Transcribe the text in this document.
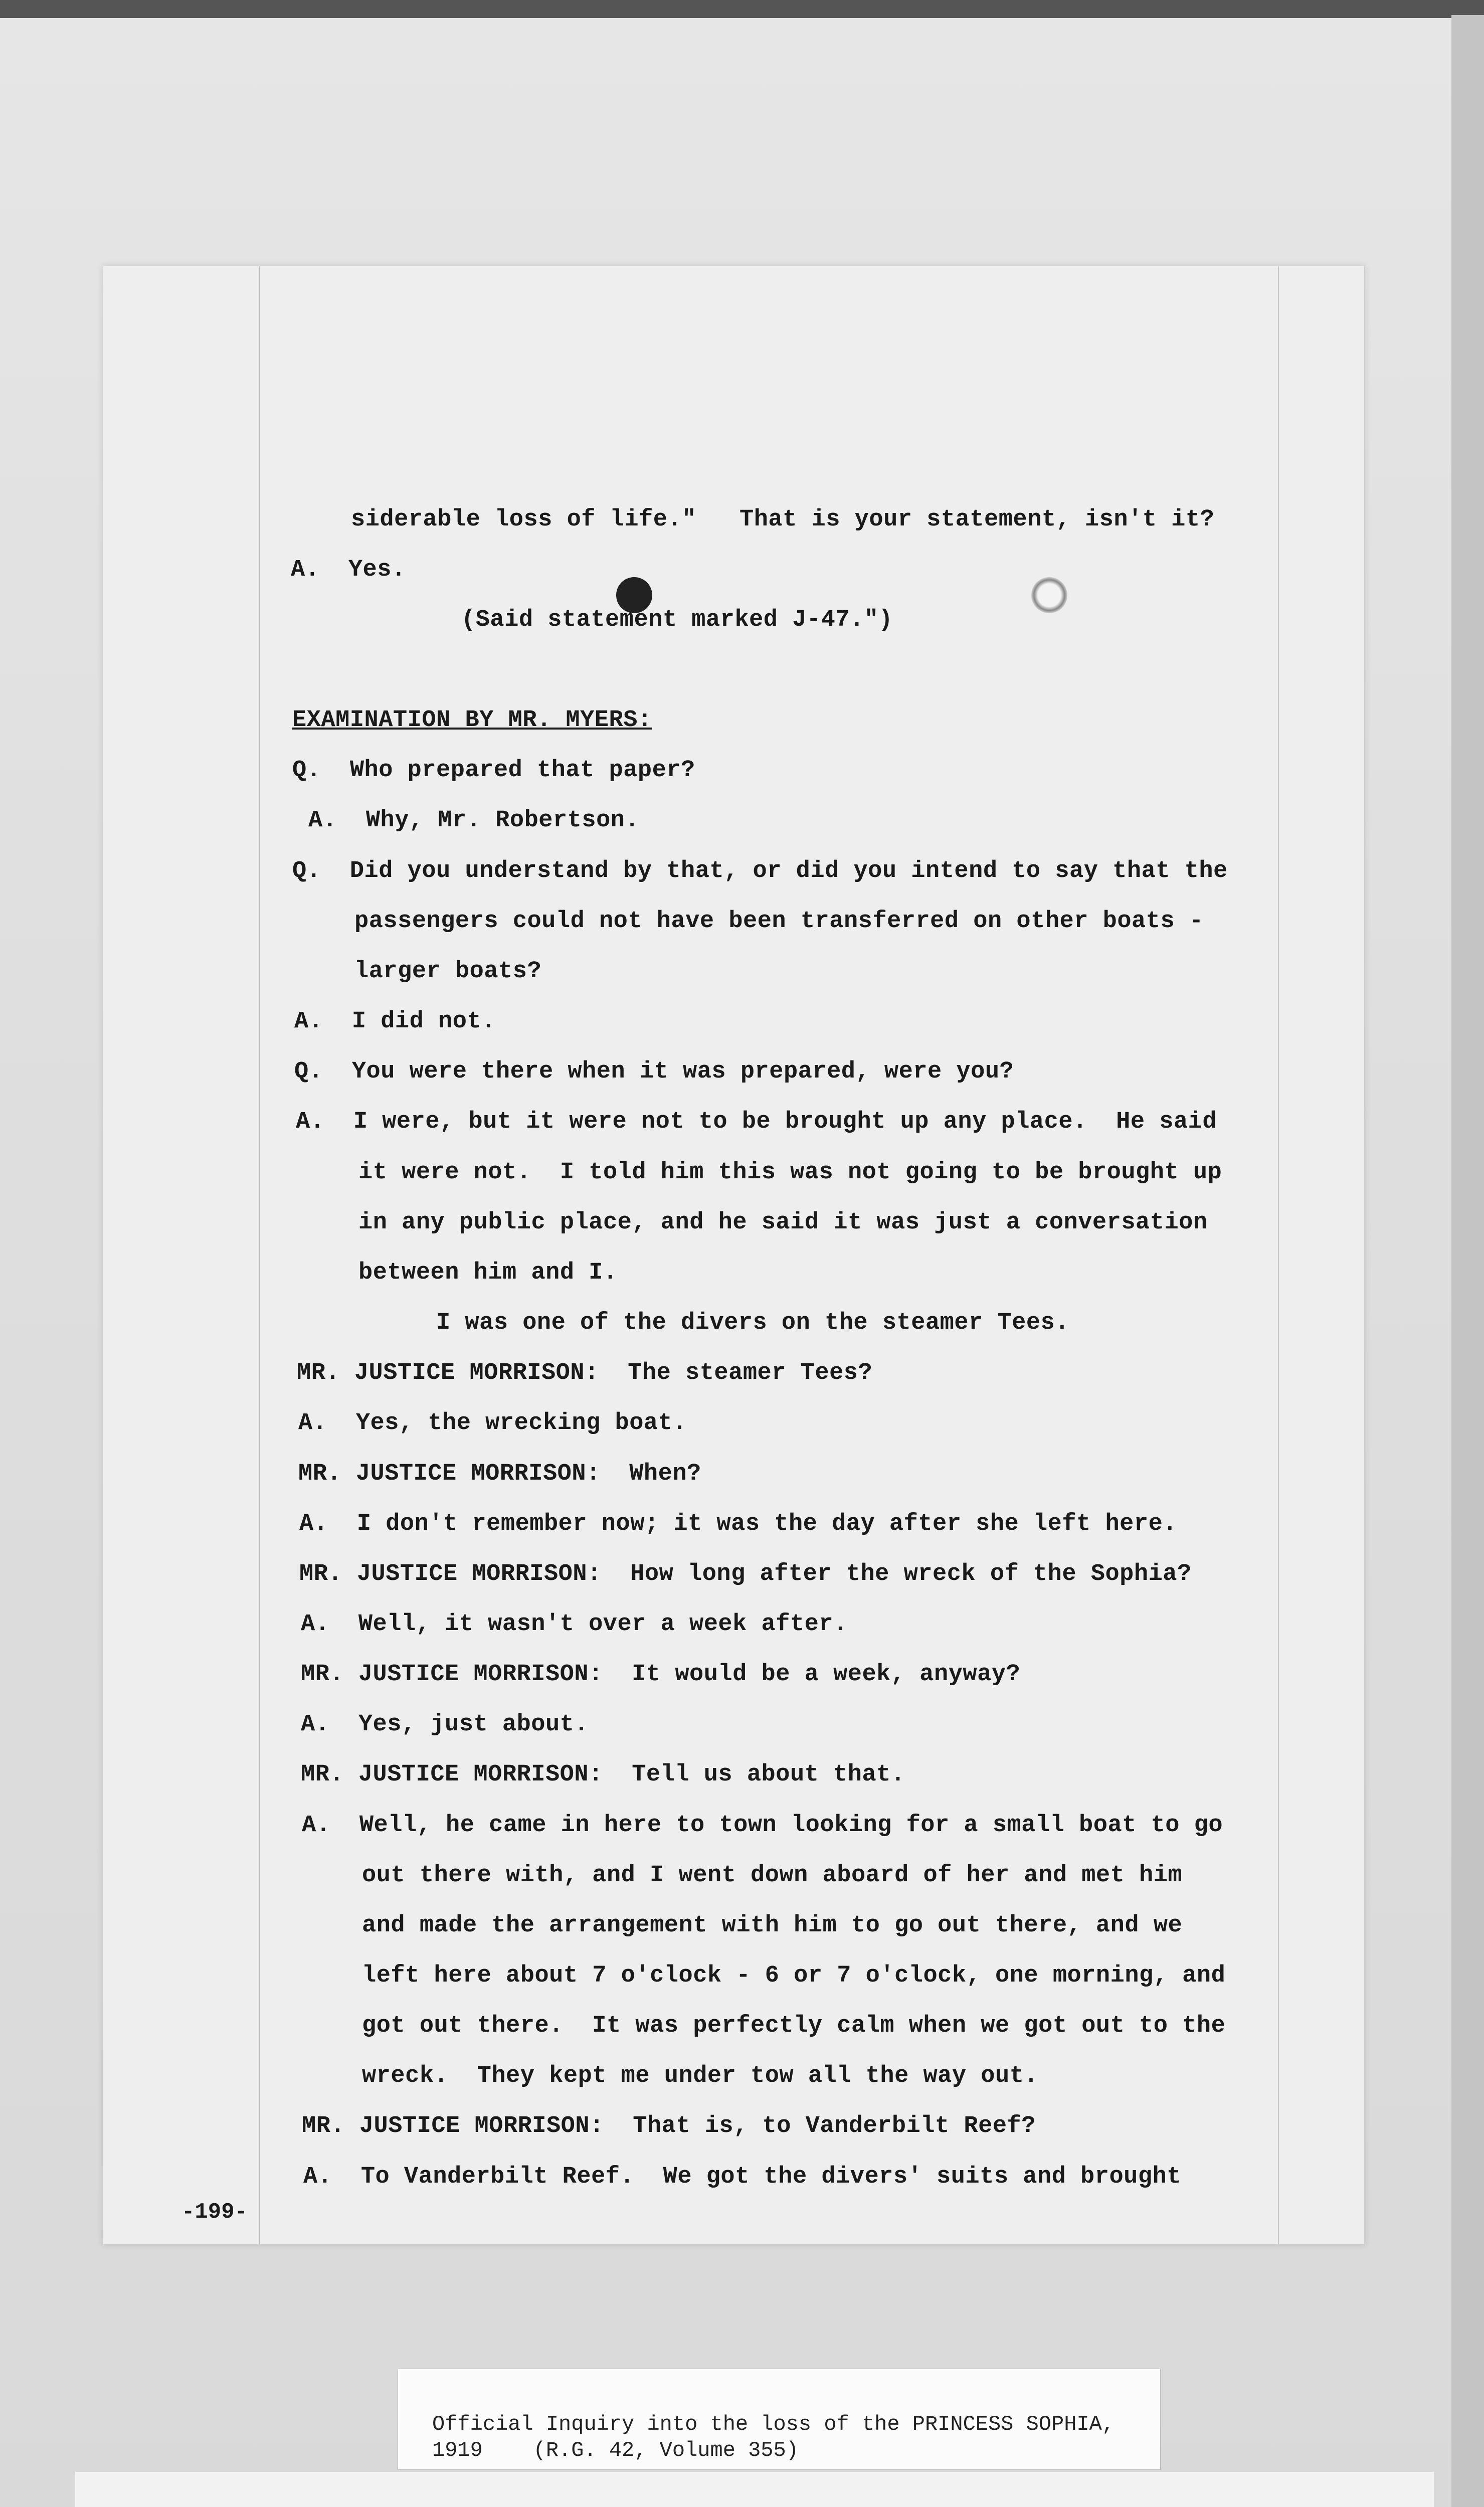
siderable loss of life."   That is your statement, isn't it?
A.  Yes.
(Said statement marked J-47.")
EXAMINATION BY MR. MYERS:
Q.  Who prepared that paper?
A.  Why, Mr. Robertson.
Q.  Did you understand by that, or did you intend to say that the
passengers could not have been transferred on other boats -
larger boats?
A.  I did not.
Q.  You were there when it was prepared, were you?
A.  I were, but it were not to be brought up any place.  He said
it were not.  I told him this was not going to be brought up
in any public place, and he said it was just a conversation
between him and I.
I was one of the divers on the steamer Tees.
MR. JUSTICE MORRISON:  The steamer Tees?
A.  Yes, the wrecking boat.
MR. JUSTICE MORRISON:  When?
A.  I don't remember now; it was the day after she left here.
MR. JUSTICE MORRISON:  How long after the wreck of the Sophia?
A.  Well, it wasn't over a week after.
MR. JUSTICE MORRISON:  It would be a week, anyway?
A.  Yes, just about.
MR. JUSTICE MORRISON:  Tell us about that.
A.  Well, he came in here to town looking for a small boat to go
out there with, and I went down aboard of her and met him
and made the arrangement with him to go out there, and we
left here about 7 o'clock - 6 or 7 o'clock, one morning, and
got out there.  It was perfectly calm when we got out to the
wreck.  They kept me under tow all the way out.
MR. JUSTICE MORRISON:  That is, to Vanderbilt Reef?
A.  To Vanderbilt Reef.  We got the divers' suits and brought
-199-
Official Inquiry into the loss of the PRINCESS SOPHIA,
1919    (R.G. 42, Volume 355)
